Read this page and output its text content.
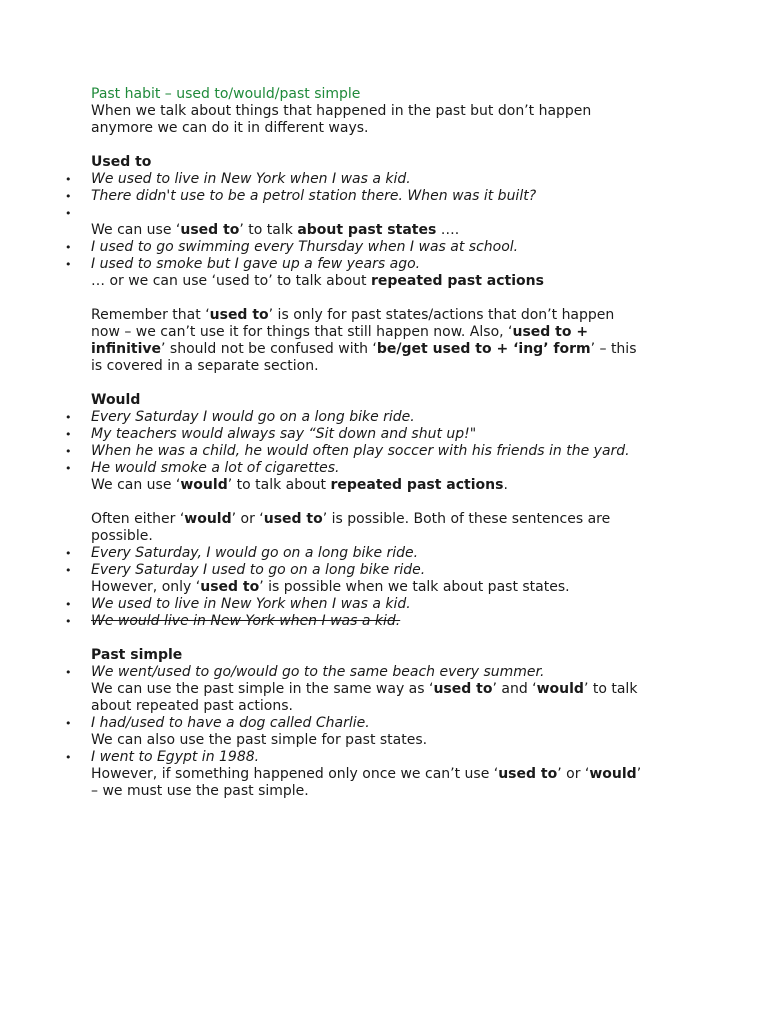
Past habit – used to/would/past simple
When we talk about things that happened in the past but don’t happen
anymore we can do it in different ways.
Used to
• We used to live in New York when I was a kid.
• There didn't use to be a petrol station there. When was it built?
•
We can use ‘used to’ to talk about past states ….
• I used to go swimming every Thursday when I was at school.
• I used to smoke but I gave up a few years ago.
… or we can use ‘used to’ to talk about repeated past actions
Remember that ‘used to’ is only for past states/actions that don’t happen
now – we can’t use it for things that still happen now. Also, ‘used to +
infinitive’ should not be confused with ‘be/get used to + ‘ing’ form’ – this
is covered in a separate section.
Would
• Every Saturday I would go on a long bike ride.
• My teachers would always say “Sit down and shut up!"
• When he was a child, he would often play soccer with his friends in the yard.
• He would smoke a lot of cigarettes.
We can use ‘would’ to talk about repeated past actions.
Often either ‘would’ or ‘used to’ is possible. Both of these sentences are
possible.
• Every Saturday, I would go on a long bike ride.
• Every Saturday I used to go on a long bike ride.
However, only ‘used to’ is possible when we talk about past states.
• We used to live in New York when I was a kid.
• We would live in New York when I was a kid.
Past simple
• We went/used to go/would go to the same beach every summer.
We can use the past simple in the same way as ‘used to’ and ‘would’ to talk
about repeated past actions.
• I had/used to have a dog called Charlie.
We can also use the past simple for past states.
• I went to Egypt in 1988.
However, if something happened only once we can’t use ‘used to’ or ‘would’
– we must use the past simple.
